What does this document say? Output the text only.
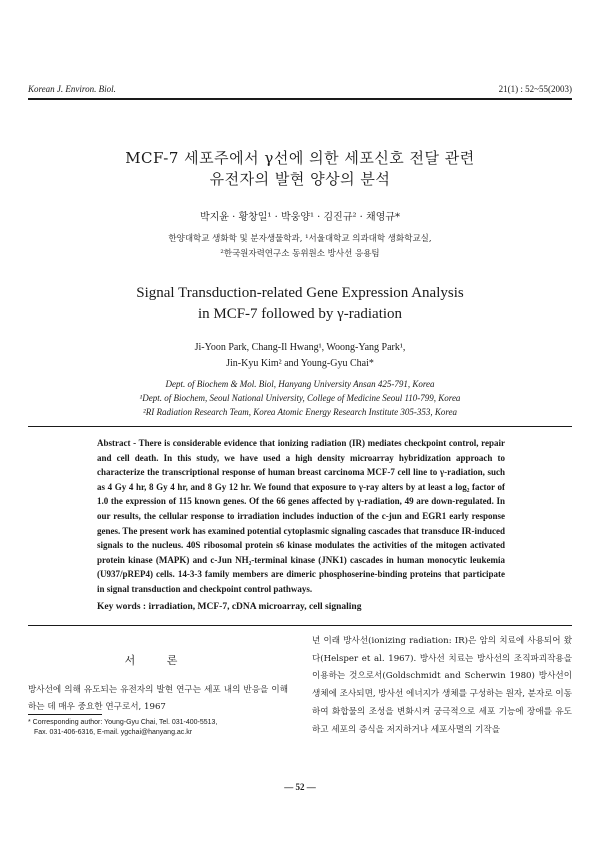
Korean J. Environ. Biol.	21(1) : 52~55(2003)
MCF-7 세포주에서 γ선에 의한 세포신호 전달 관련
유전자의 발현 양상의 분석
박지윤 · 황창일¹ · 박웅양¹ · 김진규² · 채영규*
한양대학교 생화학 및 분자생물학과, ¹서울대학교 의과대학 생화학교실,
²한국원자력연구소 동위원소 방사선 응용팀
Signal Transduction-related Gene Expression Analysis
in MCF-7 followed by γ-radiation
Ji-Yoon Park, Chang-Il Hwang¹, Woong-Yang Park¹,
Jin-Kyu Kim² and Young-Gyu Chai*
Dept. of Biochem & Mol. Biol, Hanyang University Ansan 425-791, Korea
¹Dept. of Biochem, Seoul National University, College of Medicine Seoul 110-799, Korea
²RI Radiation Research Team, Korea Atomic Energy Research Institute 305-353, Korea
Abstract - There is considerable evidence that ionizing radiation (IR) mediates checkpoint control, repair and cell death. In this study, we have used a high density microarray hybridization approach to characterize the transcriptional response of human breast carcinoma MCF-7 cell line to γ-radiation, such as 4 Gy 4 hr, 8 Gy 4 hr, and 8 Gy 12 hr. We found that exposure to γ-ray alters by at least a log₂ factor of 1.0 the expression of 115 known genes. Of the 66 genes affected by γ-radiation, 49 are down-regulated. In our results, the cellular response to irradiation includes induction of the c-jun and EGR1 early response genes. The present work has examined potential cytoplasmic signaling cascades that transduce IR-induced signals to the nucleus. 40S ribosomal protein s6 kinase modulates the activities of the mitogen activated protein kinase (MAPK) and c-Jun NH₂-terminal kinase (JNK1) cascades in human monocytic leukemia (U937/pREP4) cells. 14-3-3 family members are dimeric phosphoserine-binding proteins that participate in signal transduction and checkpoint control pathways.
Key words : irradiation, MCF-7, cDNA microarray, cell signaling
서 론
방사선에 의해 유도되는 유전자의 발현 연구는 세포 내의 반응을 이해하는 데 매우 중요한 연구로서, 1967
* Corresponding author: Young-Gyu Chai, Tel. 031-400-5513,
Fax. 031-406-6316, E-mail. ygchai@hanyang.ac.kr
년 이래 방사선(ionizing radiation: IR)은 암의 치료에 사용되어 왔다(Helsper et al. 1967). 방사선 치료는 방사선의 조직파괴작용을 이용하는 것으로서(Goldschmidt and Scherwin 1980) 방사선이 생체에 조사되면, 방사선 에너지가 생체를 구성하는 원자, 분자로 이동하여 화합물의 조성을 변화시켜 궁극적으로 세포 기능에 장애를 유도하고 세포의 증식을 저지하거나 세포사멸의 기작을
— 52 —
